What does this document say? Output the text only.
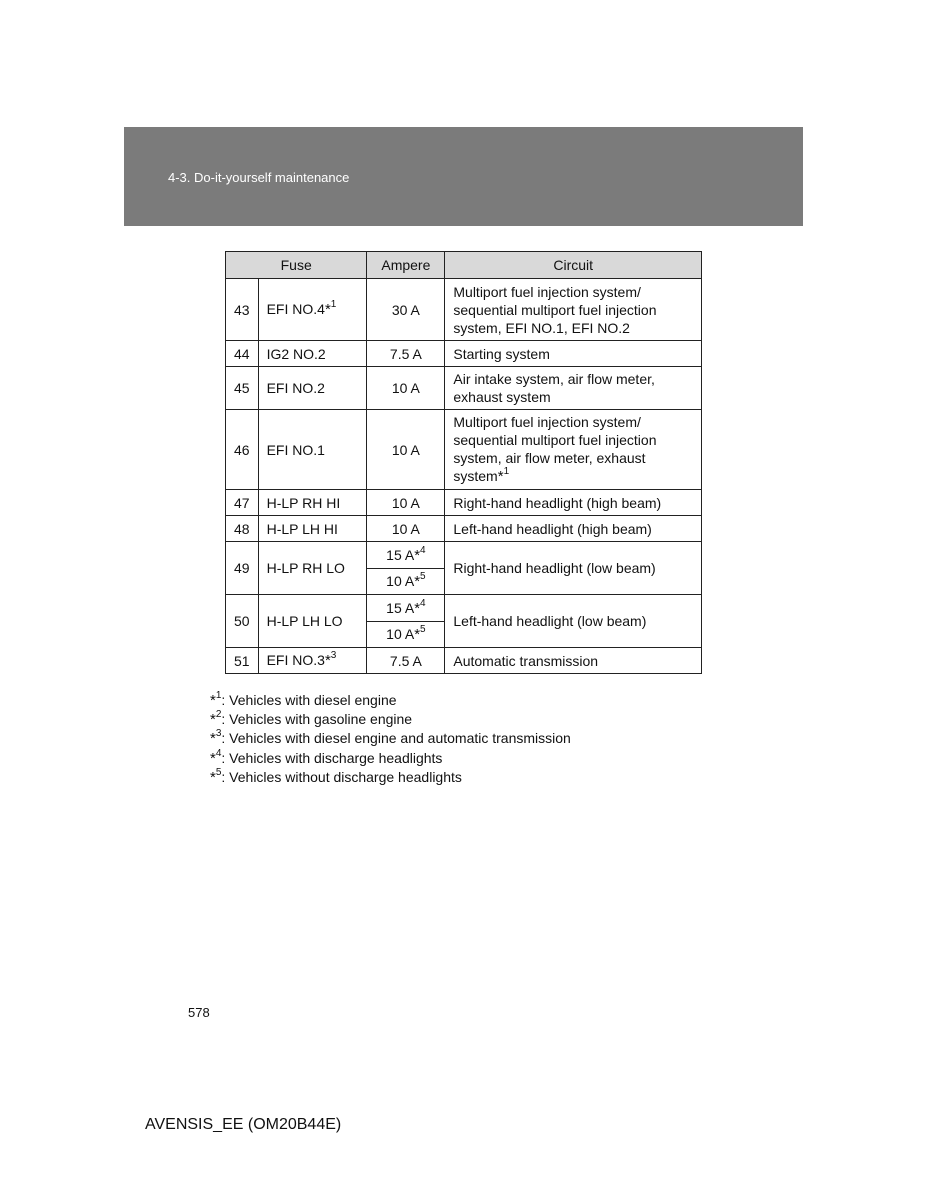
4-3. Do-it-yourself maintenance
Fuse		Ampere	Circuit
43	EFI NO.4*$^1$	30 A	Multiport fuel injection system/
sequential multiport fuel injection
system, EFI NO.1, EFI NO.2
44	IG2 NO.2	7.5 A	Starting system
45	EFI NO.2	10 A	Air intake system, air flow meter,
exhaust system
46	EFI NO.1	10 A	Multiport fuel injection system/
sequential multiport fuel injection
system, air flow meter, exhaust
system*$^1$
47	H-LP RH HI	10 A	Right-hand headlight (high beam)
48	H-LP LH HI	10 A	Left-hand headlight (high beam)
49	H-LP RH LO	15 A*$^4$	Right-hand headlight (low beam)
		10 A*$^5$
50	H-LP LH LO	15 A*$^4$	Left-hand headlight (low beam)
		10 A*$^5$
51	EFI NO.3*$^3$	7.5 A	Automatic transmission
*$^1$: Vehicles with diesel engine
*$^2$: Vehicles with gasoline engine
*$^3$: Vehicles with diesel engine and automatic transmission
*$^4$: Vehicles with discharge headlights
*$^5$: Vehicles without discharge headlights
578
AVENSIS_EE (OM20B44E)
